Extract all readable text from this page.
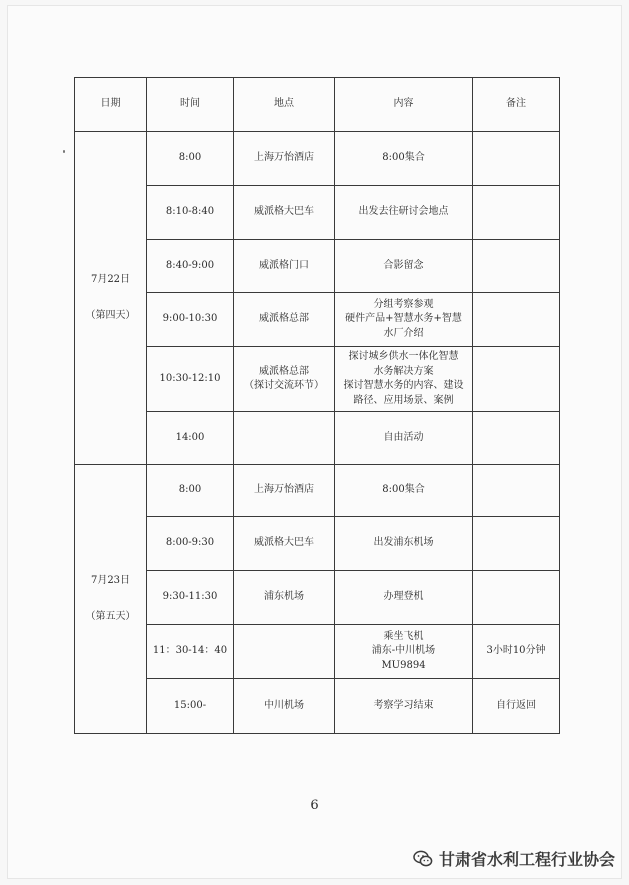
日期	时间	地点	内容	备注

7月22日
（第四天）	8:00	上海万怡酒店	8:00集合	
	8:10-8:40	威派格大巴车	出发去往研讨会地点	
	8:40-9:00	威派格门口	合影留念	
	9:00-10:30	威派格总部	分组考察参观
硬件产品+智慧水务+智慧
水厂介绍	

	10:30-12:10	威派格总部
（探讨交流环节）	探讨城乡供水一体化智慧
水务解决方案
探讨智慧水务的内容、建设
路径、应用场景、案例	

	14:00		自由活动	

7月23日
（第五天）	8:00	上海万怡酒店	8:00集合	
	8:00-9:30	威派格大巴车	出发浦东机场	
	9:30-11:30	浦东机场	办理登机	
	11：30-14：40		乘坐飞机
浦东-中川机场
MU9894	3小时10分钟
	15:00-	中川机场	考察学习结束	自行返回
6
甘肃省水利工程行业协会
